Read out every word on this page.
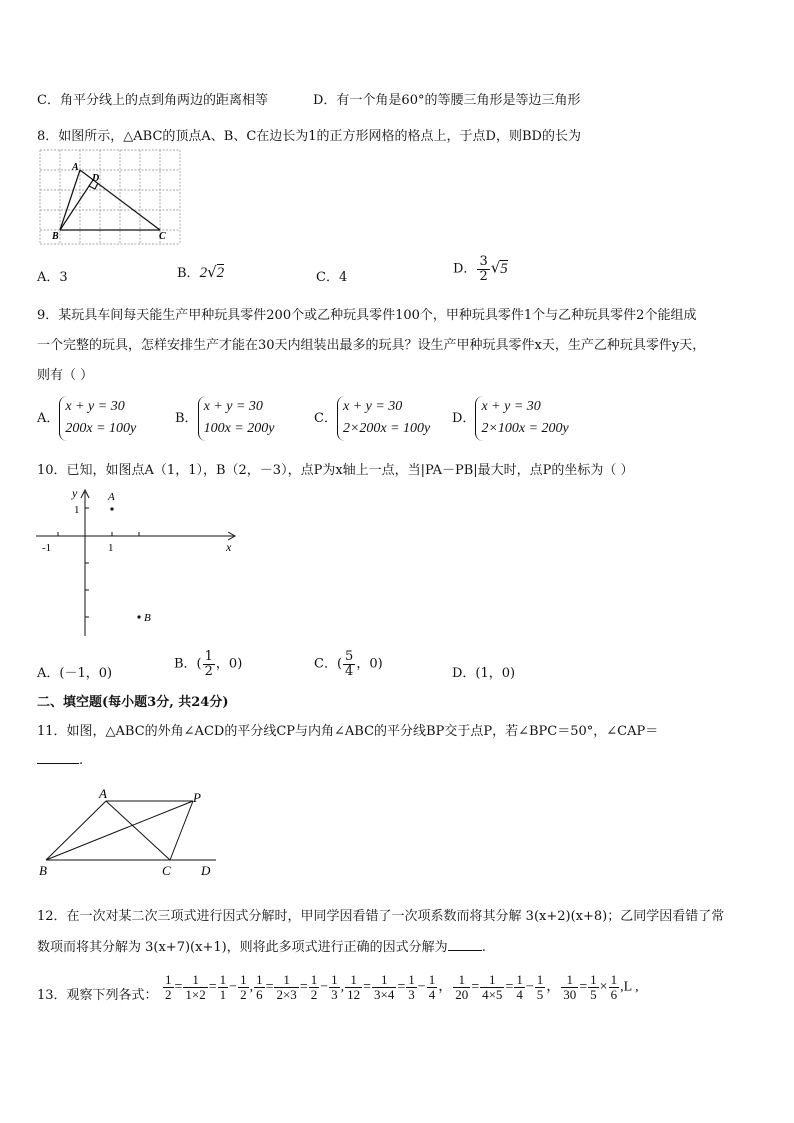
C．角平分线上的点到角两边的距离相等	D．有一个角是60°的等腰三角形是等边三角形
8．如图所示，△ABC的顶点A、B、C在边长为1的正方形网格的格点上，于点D，则BD的长为
A
D
B	C
A．3	B．2√2	C．4
D． $\frac{3}{2} √5$
9．某玩具车间每天能生产甲种玩具零件200个或乙种玩具零件100个，甲种玩具零件1个与乙种玩具零件2个能组成
一个完整的玩具，怎样安排生产才能在30天内组装出最多的玩具？设生产甲种玩具零件x天，生产乙种玩具零件y天，
则有（ ）
A．
x + y = 30
200x = 100y
B．
x + y = 30
100x = 200y
C．
x + y = 30
2×200x = 100y
D．
x + y = 30
2×100x = 200y
10．已知，如图点A（1，1），B（2，－3），点P为x轴上一点，当|PA－PB|最大时，点P的坐标为（ ）
y
x
A
B
1
1
-1
A．(－1，0)
B．( $\frac{1}{2}$ ，0)	C．( $\frac{5}{4}$ ，0)
D．(1，0)
二、填空题(每小题3分, 共24分)
11．如图，△ABC的外角∠ACD的平分线CP与内角∠ABC的平分线BP交于点P，若∠BPC＝50°，∠CAP＝
.
A	P
B	C D
12．在一次对某二次三项式进行因式分解时，甲同学因看错了一次项系数而将其分解 3(x+2)(x+8)；乙同学因看错了常
数项而将其分解为 3(x+7)(x+1)，则将此多项式进行正确的因式分解为	.
13．观察下列各式： $\frac{1}{2} = \frac{1}{1\times 2} = \frac{1}{1} - \frac{1}{2}$ , $\frac{1}{6} = \frac{1}{2\times 3} = \frac{1}{2} - \frac{1}{3}$ , $\frac{1}{12} = \frac{1}{3\times 4} = \frac{1}{3} - \frac{1}{4}$ ， $\frac{1}{20} = \frac{1}{4\times 5} = \frac{1}{4} - \frac{1}{5}$ ， $\frac{1}{30} = \frac{1}{5} \times \frac{1}{6} ,L$ ,
